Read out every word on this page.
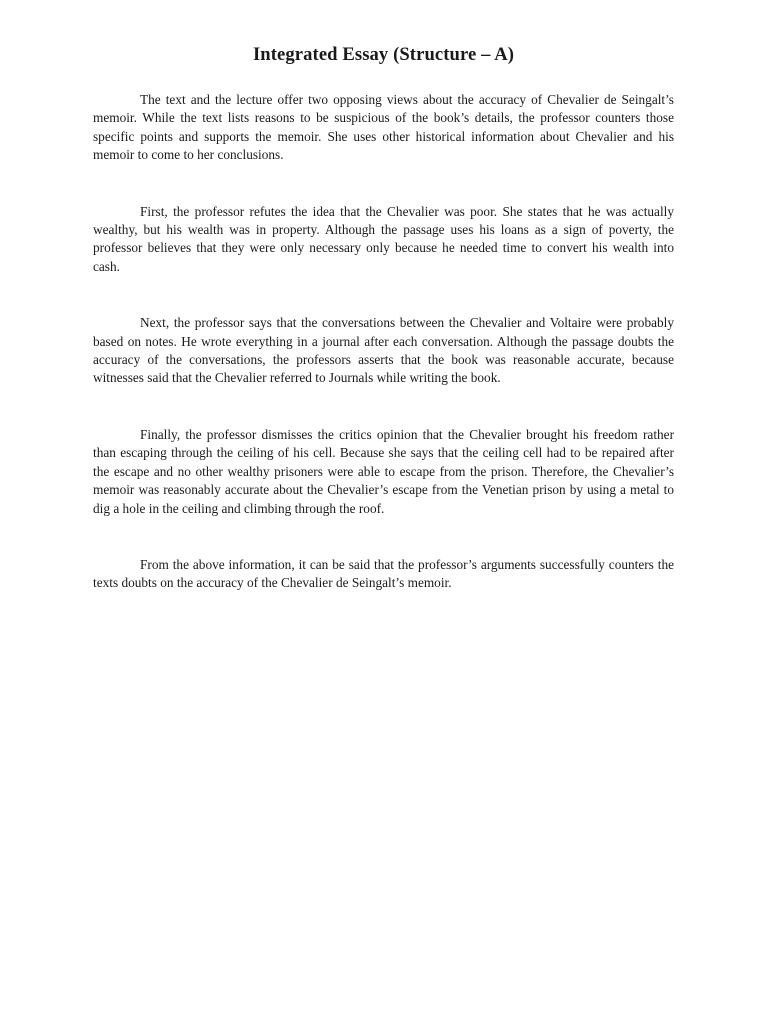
Integrated Essay (Structure – A)

The text and the lecture offer two opposing views about the accuracy of Chevalier de Seingalt’s memoir. While the text lists reasons to be suspicious of the book’s details, the professor counters those specific points and supports the memoir. She uses other historical information about Chevalier and his memoir to come to her conclusions.

First, the professor refutes the idea that the Chevalier was poor. She states that he was actually wealthy, but his wealth was in property. Although the passage uses his loans as a sign of poverty, the professor believes that they were only necessary only because he needed time to convert his wealth into cash.

Next, the professor says that the conversations between the Chevalier and Voltaire were probably based on notes. He wrote everything in a journal after each conversation. Although the passage doubts the accuracy of the conversations, the professors asserts that the book was reasonable accurate, because witnesses said that the Chevalier referred to Journals while writing the book.

Finally, the professor dismisses the critics opinion that the Chevalier brought his freedom rather than escaping through the ceiling of his cell. Because she says that the ceiling cell had to be repaired after the escape and no other wealthy prisoners were able to escape from the prison. Therefore, the Chevalier’s memoir was reasonably accurate about the Chevalier’s escape from the Venetian prison by using a metal to dig a hole in the ceiling and climbing through the roof.

From the above information, it can be said that the professor’s arguments successfully counters the texts doubts on the accuracy of the Chevalier de Seingalt’s memoir.
